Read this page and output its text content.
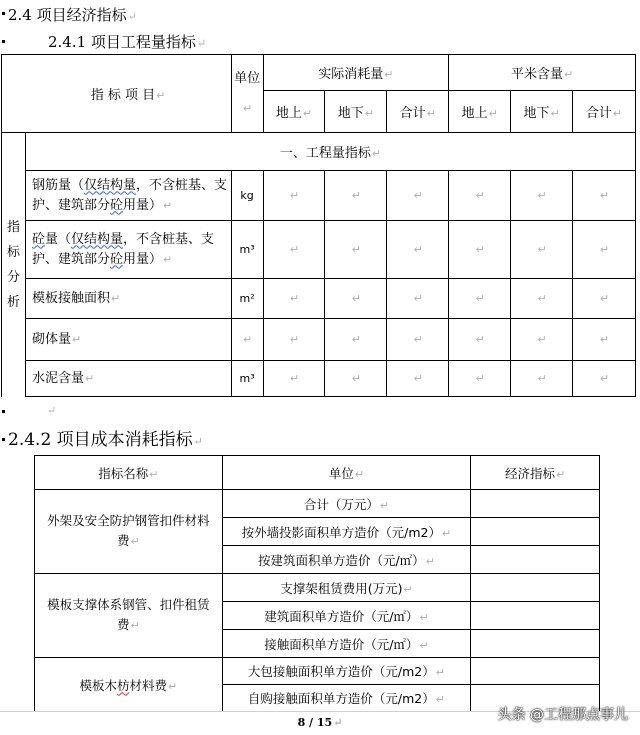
2.4 项目经济指标↵
2.4.1 项目工程量指标↵
	指 标 项 目↵	单位↵	实际消耗量↵			平米含量↵		
			地上↵	地下↵	合计↵	地上↵	地下↵	合计↵

指
标
分
析	一、工程量指标↵							
	钢筋量（仅结构量，不含桩基、支护、建筑部分砼用量）↵	kg	↵	↵	↵	↵	↵	↵
	砼量（仅结构量，不含桩基、支护、建筑部分砼用量）↵	m³	↵	↵	↵	↵	↵	↵
	模板接触面积↵	m²	↵	↵	↵	↵	↵	↵
	砌体量↵	↵	↵	↵	↵	↵	↵	↵
	水泥含量↵	m³	↵	↵	↵	↵	↵	↵
↵
2.4.2 项目成本消耗指标↵
指标名称↵	单位↵	经济指标↵
外架及安全防护钢管扣件材料费↵	合计（万元）↵	
	按外墙投影面积单方造价（元/m2）↵	
	按建筑面积单方造价（元/㎡）↵	
模板支撑体系钢管、扣件租赁费↵	支撑架租赁费用(万元)↵	
	建筑面积单方造价（元/㎡）↵	
	接触面积单方造价（元/㎡）↵	
模板木枋材料费↵	大包接触面积单方造价（元/m2）↵	
	自购接触面积单方造价（元/m2）↵	
8 / 15↵	头条 @工程那点事儿
